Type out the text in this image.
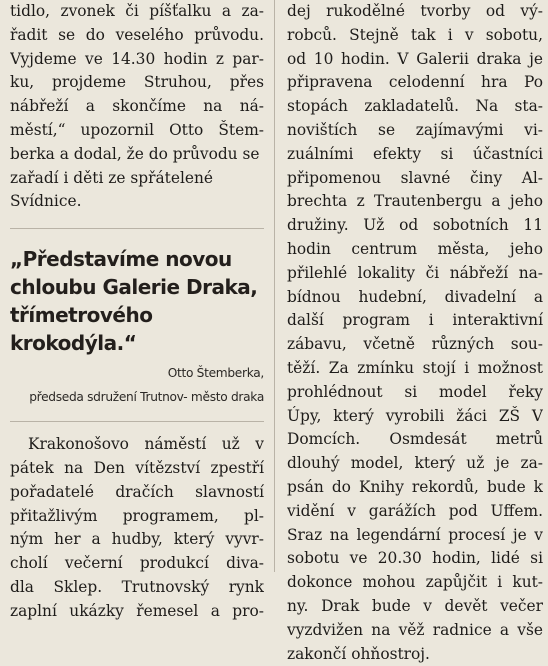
tidlo, zvonek či píšťalku a za-
řadit se do veselého průvodu.
Vyjdeme ve 14.30 hodin z par-
ku, projdeme Struhou, přes
nábřeží a skončíme na ná-
městí,“ upozornil Otto Štem-
berka a dodal, že do průvodu se
zařadí i děti ze spřátelené
Svídnice.
„Představíme novou
chloubu Galerie Draka,
třímetrového
krokodýla.“
Otto Štemberka,
předseda sdružení Trutnov- město draka
Krakonošovo náměstí už v
pátek na Den vítězství zpestří
pořadatelé dračích slavností
přitažlivým programem, pl-
ným her a hudby, který vyvr-
cholí večerní produkcí diva-
dla Sklep. Trutnovský rynk
zaplní ukázky řemesel a pro-
dej rukodělné tvorby od vý-
robců. Stejně tak i v sobotu,
od 10 hodin. V Galerii draka je
připravena celodenní hra Po
stopách zakladatelů. Na sta-
novištích se zajímavými vi-
zuálními efekty si účastníci
připomenou slavné činy Al-
brechta z Trautenbergu a jeho
družiny. Už od sobotních 11
hodin centrum města, jeho
přilehlé lokality či nábřeží na-
bídnou hudební, divadelní a
další program i interaktivní
zábavu, včetně různých sou-
těží. Za zmínku stojí i možnost
prohlédnout si model řeky
Úpy, který vyrobili žáci ZŠ V
Domcích. Osmdesát metrů
dlouhý model, který už je za-
psán do Knihy rekordů, bude k
vidění v garážích pod Uffem.
Sraz na legendární procesí je v
sobotu ve 20.30 hodin, lidé si
dokonce mohou zapůjčit i kut-
ny. Drak bude v devět večer
vyzdvižen na věž radnice a vše
zakončí ohňostroj.
